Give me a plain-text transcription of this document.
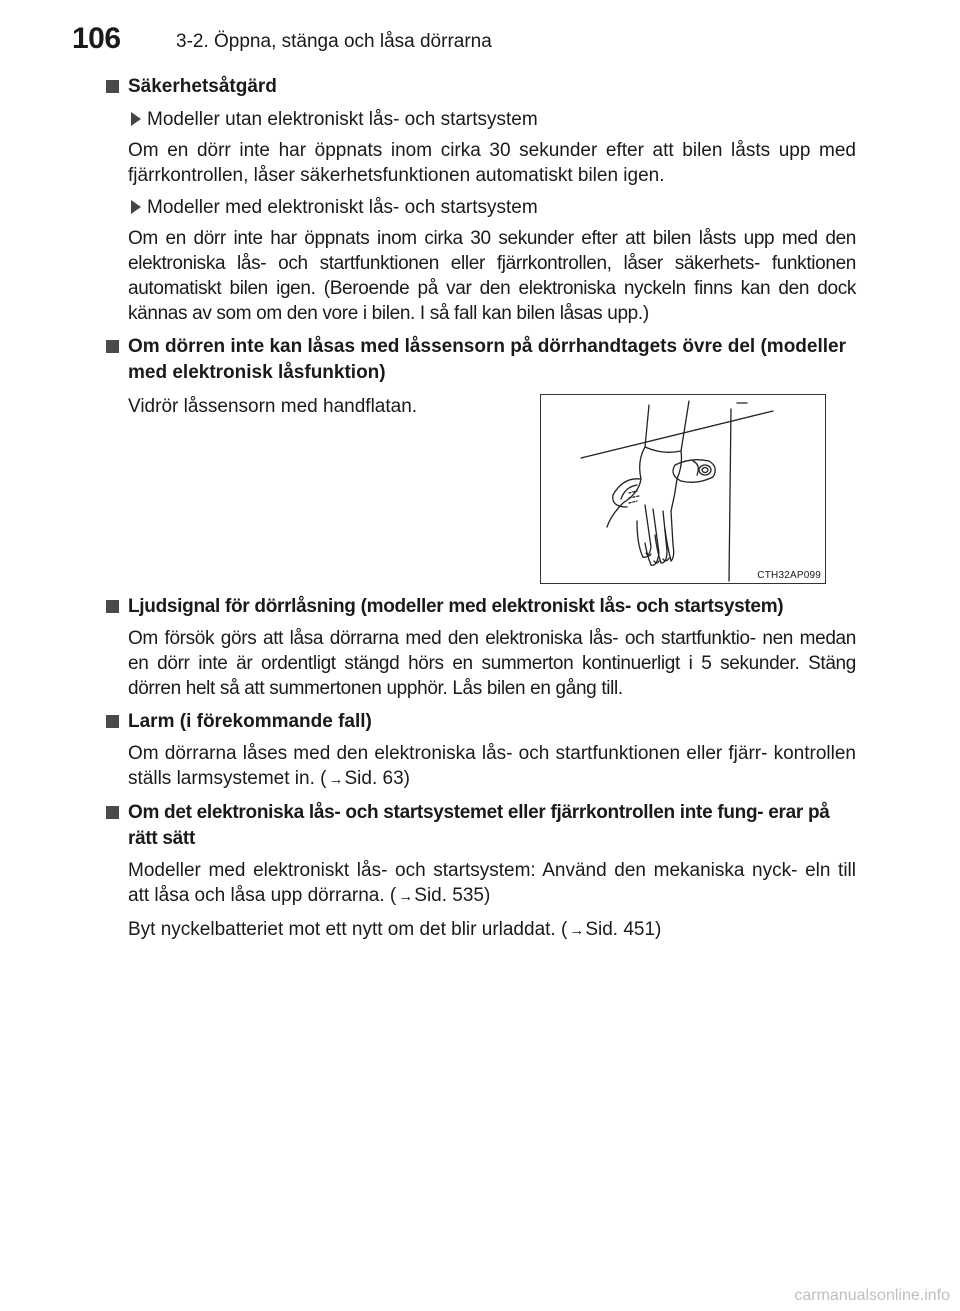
106	3-2. Öppna, stänga och låsa dörrarna
Säkerhetsåtgärd
Modeller utan elektroniskt lås- och startsystem
Om en dörr inte har öppnats inom cirka 30 sekunder efter att bilen låsts upp med fjärrkontrollen, låser säkerhetsfunktionen automatiskt bilen igen.
Modeller med elektroniskt lås- och startsystem
Om en dörr inte har öppnats inom cirka 30 sekunder efter att bilen låsts upp med den elektroniska lås- och startfunktionen eller fjärrkontrollen, låser säkerhets- funktionen automatiskt bilen igen. (Beroende på var den elektroniska nyckeln finns kan den dock kännas av som om den vore i bilen. I så fall kan bilen låsas upp.)
Om dörren inte kan låsas med låssensorn på dörrhandtagets övre del (modeller med elektronisk låsfunktion)
Vidrör låssensorn med handflatan.
CTH32AP099
Ljudsignal för dörrlåsning (modeller med elektroniskt lås- och startsystem)
Om försök görs att låsa dörrarna med den elektroniska lås- och startfunktio- nen medan en dörr inte är ordentligt stängd hörs en summerton kontinuerligt i 5 sekunder. Stäng dörren helt så att summertonen upphör. Lås bilen en gång till.
Larm (i förekommande fall)
Om dörrarna låses med den elektroniska lås- och startfunktionen eller fjärr- kontrollen ställs larmsystemet in. ( →Sid. 63)
Om det elektroniska lås- och startsystemet eller fjärrkontrollen inte fung- erar på rätt sätt
Modeller med elektroniskt lås- och startsystem: Använd den mekaniska nyck- eln till att låsa och låsa upp dörrarna. ( →Sid. 535)
Byt nyckelbatteriet mot ett nytt om det blir urladdat. ( →Sid. 451)
carmanualsonline.info
